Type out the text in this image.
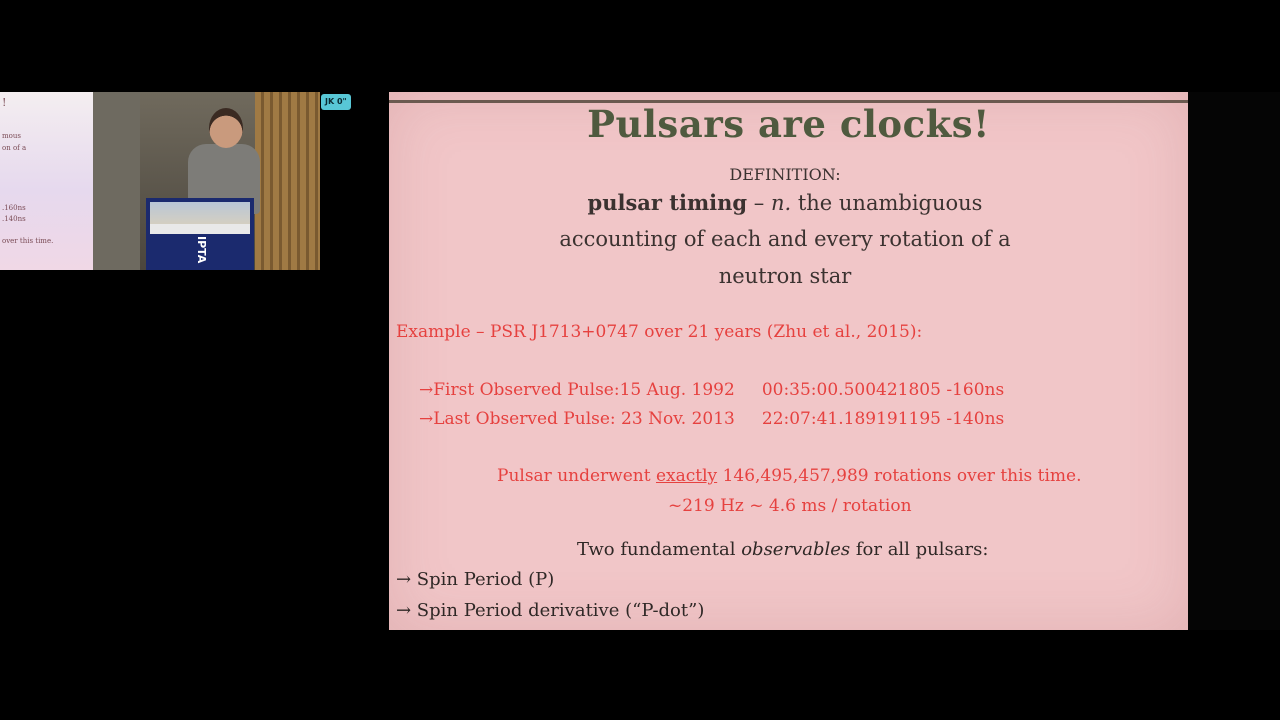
!
mous
on of a
.160ns
.140ns
over this time.	IPTA
JK 0"
Pulsars are clocks!
DEFINITION:
pulsar timing – n. the unambiguous
accounting of each and every rotation of a
neutron star
Example – PSR J1713+0747 over 21 years (Zhu et al., 2015):
→First Observed Pulse:15 Aug. 1992     00:35:00.500421805 -160ns
→Last Observed Pulse: 23 Nov. 2013     22:07:41.189191195 -140ns
Pulsar underwent exactly 146,495,457,989 rotations over this time.
~219 Hz ~ 4.6 ms / rotation
Two fundamental observables for all pulsars:
→ Spin Period (P)
→ Spin Period derivative (“P-dot”)
